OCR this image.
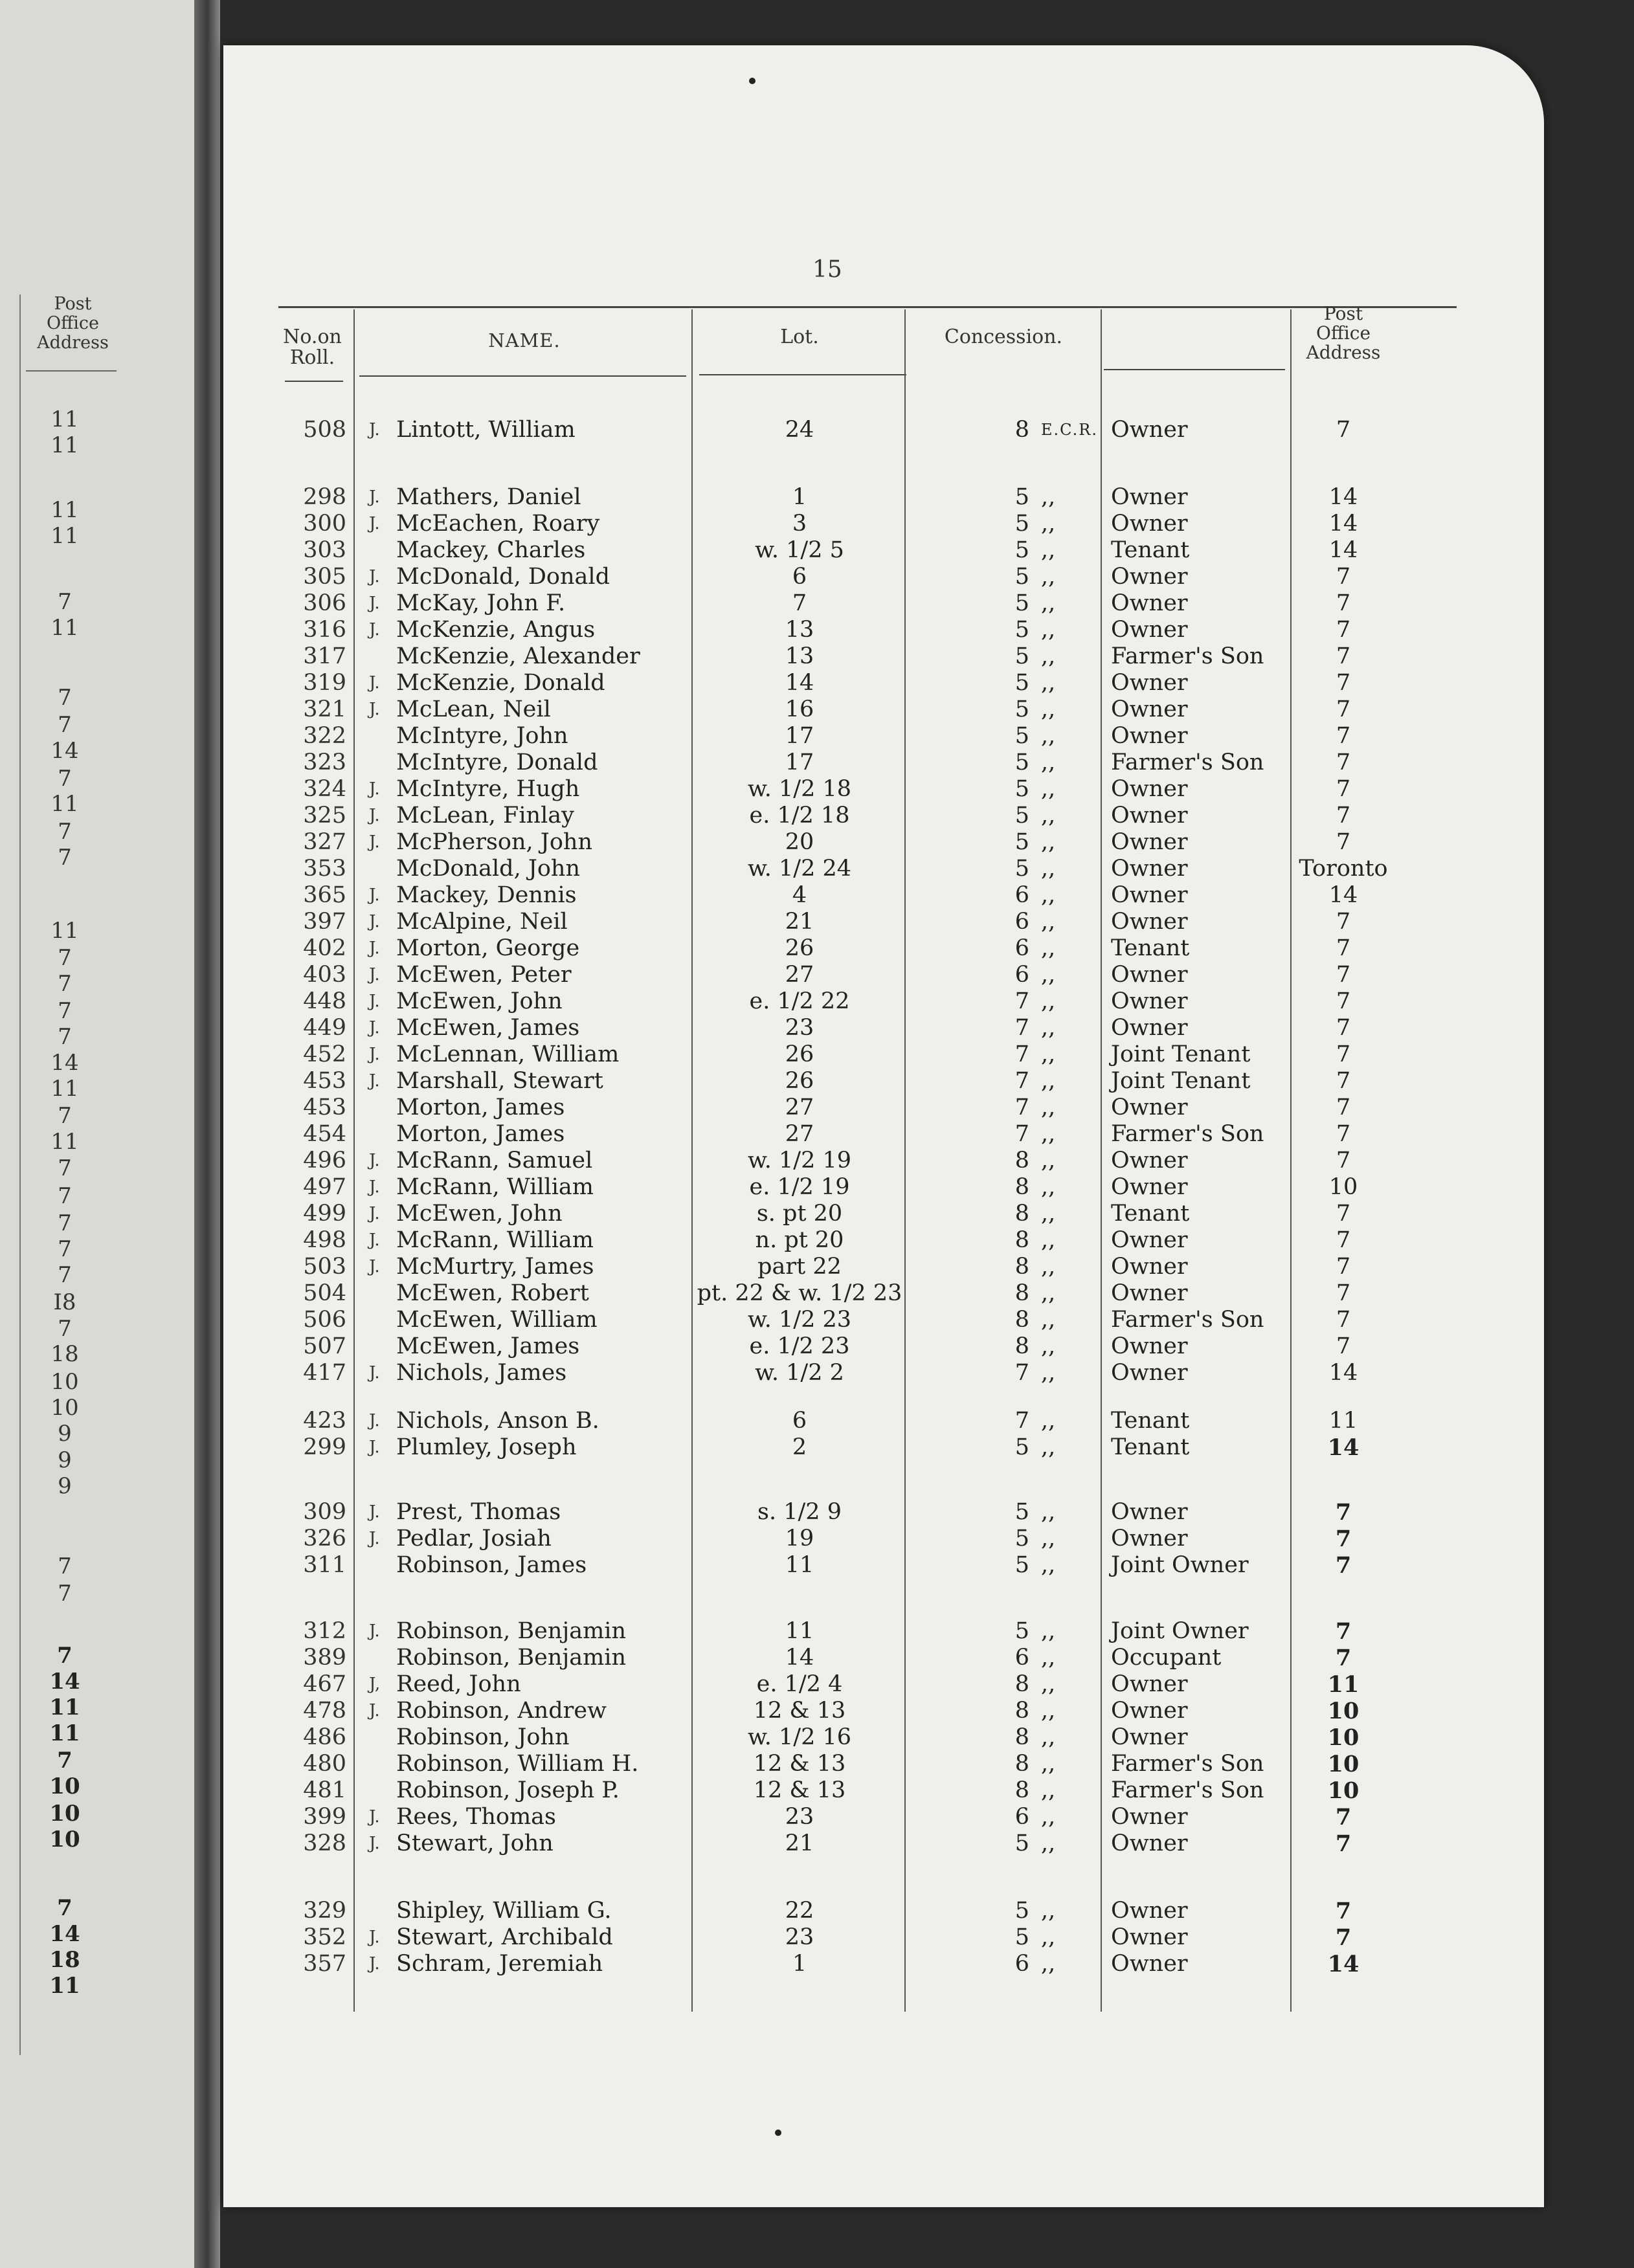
Post
Office
Address
11
11
11
11
7
11
7
7
14
7
11
7
7
11
7
7
7
7
14
11
7
11
7
7
7
7
7
I8
7
18
10
10
9
9
9
7
7
7
14
11
11
7
10
10
10
7
14
18
11
15
No.on
Roll.
NAME.	Lot.	Concession.
Post
Office
Address
508 J. Lintott, William	24	8 E.C.R. Owner	7
298 J. Mathers, Daniel	1	5 ,, Owner	14
300 J. McEachen, Roary	3	5 ,, Owner	14
303 Mackey, Charles	w. 1/2 5	5 ,, Tenant	14
305 J. McDonald, Donald	6	5 ,, Owner	7
306 J. McKay, John F.	7	5 ,, Owner	7
316 J. McKenzie, Angus	13	5 ,, Owner	7
317 McKenzie, Alexander	13	5 ,, Farmer's Son	7
319 J. McKenzie, Donald	14	5 ,, Owner	7
321 J. McLean, Neil	16	5 ,, Owner	7
322 McIntyre, John	17	5 ,, Owner	7
323 McIntyre, Donald	17	5 ,, Farmer's Son	7
324 J. McIntyre, Hugh	w. 1/2 18	5 ,, Owner	7
325 J. McLean, Finlay	e. 1/2 18	5 ,, Owner	7
327 J. McPherson, John	20	5 ,, Owner	7
353 McDonald, John	w. 1/2 24	5 ,, Owner	Toronto
365 J. Mackey, Dennis	4	6 ,, Owner	14
397 J. McAlpine, Neil	21	6 ,, Owner	7
402 J. Morton, George	26	6 ,, Tenant	7
403 J. McEwen, Peter	27	6 ,, Owner	7
448 J. McEwen, John	e. 1/2 22	7 ,, Owner	7
449 J. McEwen, James	23	7 ,, Owner	7
452 J. McLennan, William	26	7 ,, Joint Tenant	7
453 J. Marshall, Stewart	26	7 ,, Joint Tenant	7
453 Morton, James	27	7 ,, Owner	7
454 Morton, James	27	7 ,, Farmer's Son	7
496 J. McRann, Samuel	w. 1/2 19	8 ,, Owner	7
497 J. McRann, William	e. 1/2 19	8 ,, Owner	10
499 J. McEwen, John	s. pt 20	8 ,, Tenant	7
498 J. McRann, William	n. pt 20	8 ,, Owner	7
503 J. McMurtry, James	part 22	8 ,, Owner	7
504 McEwen, Robert	pt. 22 & w. 1/2 23	8 ,, Owner	7
506 McEwen, William	w. 1/2 23	8 ,, Farmer's Son	7
507 McEwen, James	e. 1/2 23	8 ,, Owner	7
417 J. Nichols, James	w. 1/2 2	7 ,, Owner	14
423 J. Nichols, Anson B.	6	7 ,, Tenant	11
299 J. Plumley, Joseph	2	5 ,, Tenant	14
309 J. Prest, Thomas	s. 1/2 9	5 ,, Owner	7
326 J. Pedlar, Josiah	19	5 ,, Owner	7
311 Robinson, James	11	5 ,, Joint Owner	7
312 J. Robinson, Benjamin	11	5 ,, Joint Owner	7
389 Robinson, Benjamin	14	6 ,, Occupant	7
467 J, Reed, John	e. 1/2 4	8 ,, Owner	11
478 J. Robinson, Andrew	12 & 13	8 ,, Owner	10
486 Robinson, John	w. 1/2 16	8 ,, Owner	10
480 Robinson, William H.	12 & 13	8 ,, Farmer's Son	10
481 Robinson, Joseph P.	12 & 13	8 ,, Farmer's Son	10
399 J. Rees, Thomas	23	6 ,, Owner	7
328 J. Stewart, John	21	5 ,, Owner	7
329 Shipley, William G.	22	5 ,, Owner	7
352 J. Stewart, Archibald	23	5 ,, Owner	7
357 J. Schram, Jeremiah	1	6 ,, Owner	14
